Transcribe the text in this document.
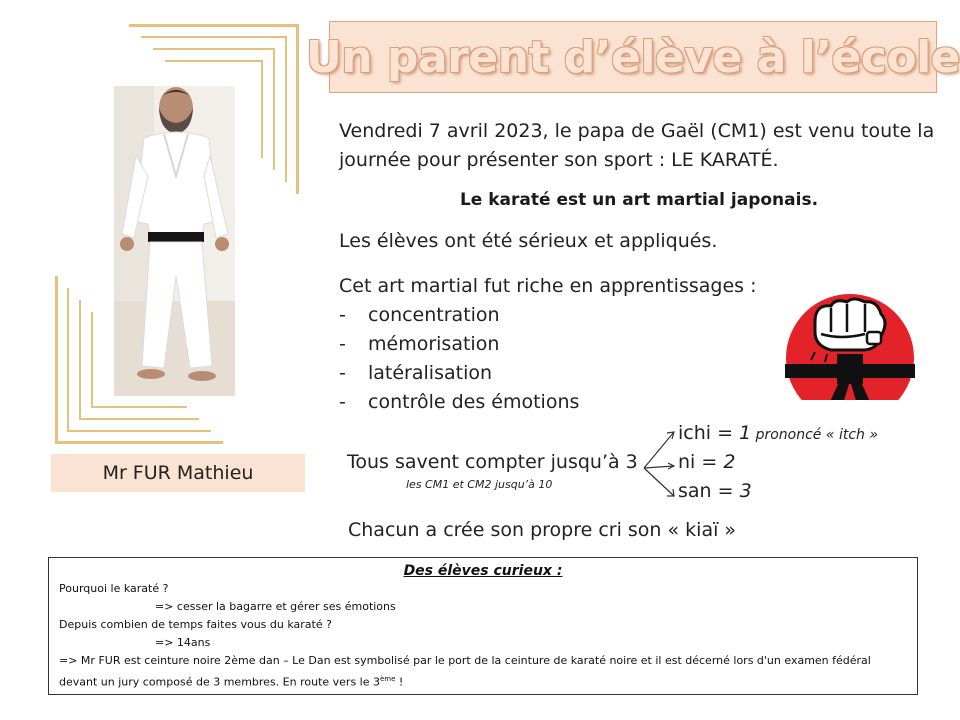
Un parent d’élève à l’école
Mr FUR Mathieu
Vendredi 7 avril 2023, le papa de Gaël (CM1) est venu toute la journée pour présenter son sport : LE KARATÉ.
Le karaté est un art martial japonais.
Les élèves ont été sérieux et appliqués.
Cet art martial fut riche en apprentissages :
-	concentration
-	mémorisation
-	latéralisation
-	contrôle des émotions
Tous savent compter jusqu’à 3
les CM1 et CM2 jusqu’à 10
ichi = 1 prononcé « itch »
ni = 2
san = 3
Chacun a crée son propre cri son « kiaï »
Des élèves curieux :
Pourquoi le karaté ?
=> cesser la bagarre et gérer ses émotions
Depuis combien de temps faites vous du karaté ?
=> 14ans
=> Mr FUR est ceinture noire 2ème dan – Le Dan est symbolisé par le port de la ceinture de karaté noire et il est décerné lors d'un examen fédéral devant un jury composé de 3 membres. En route vers le 3ème !
